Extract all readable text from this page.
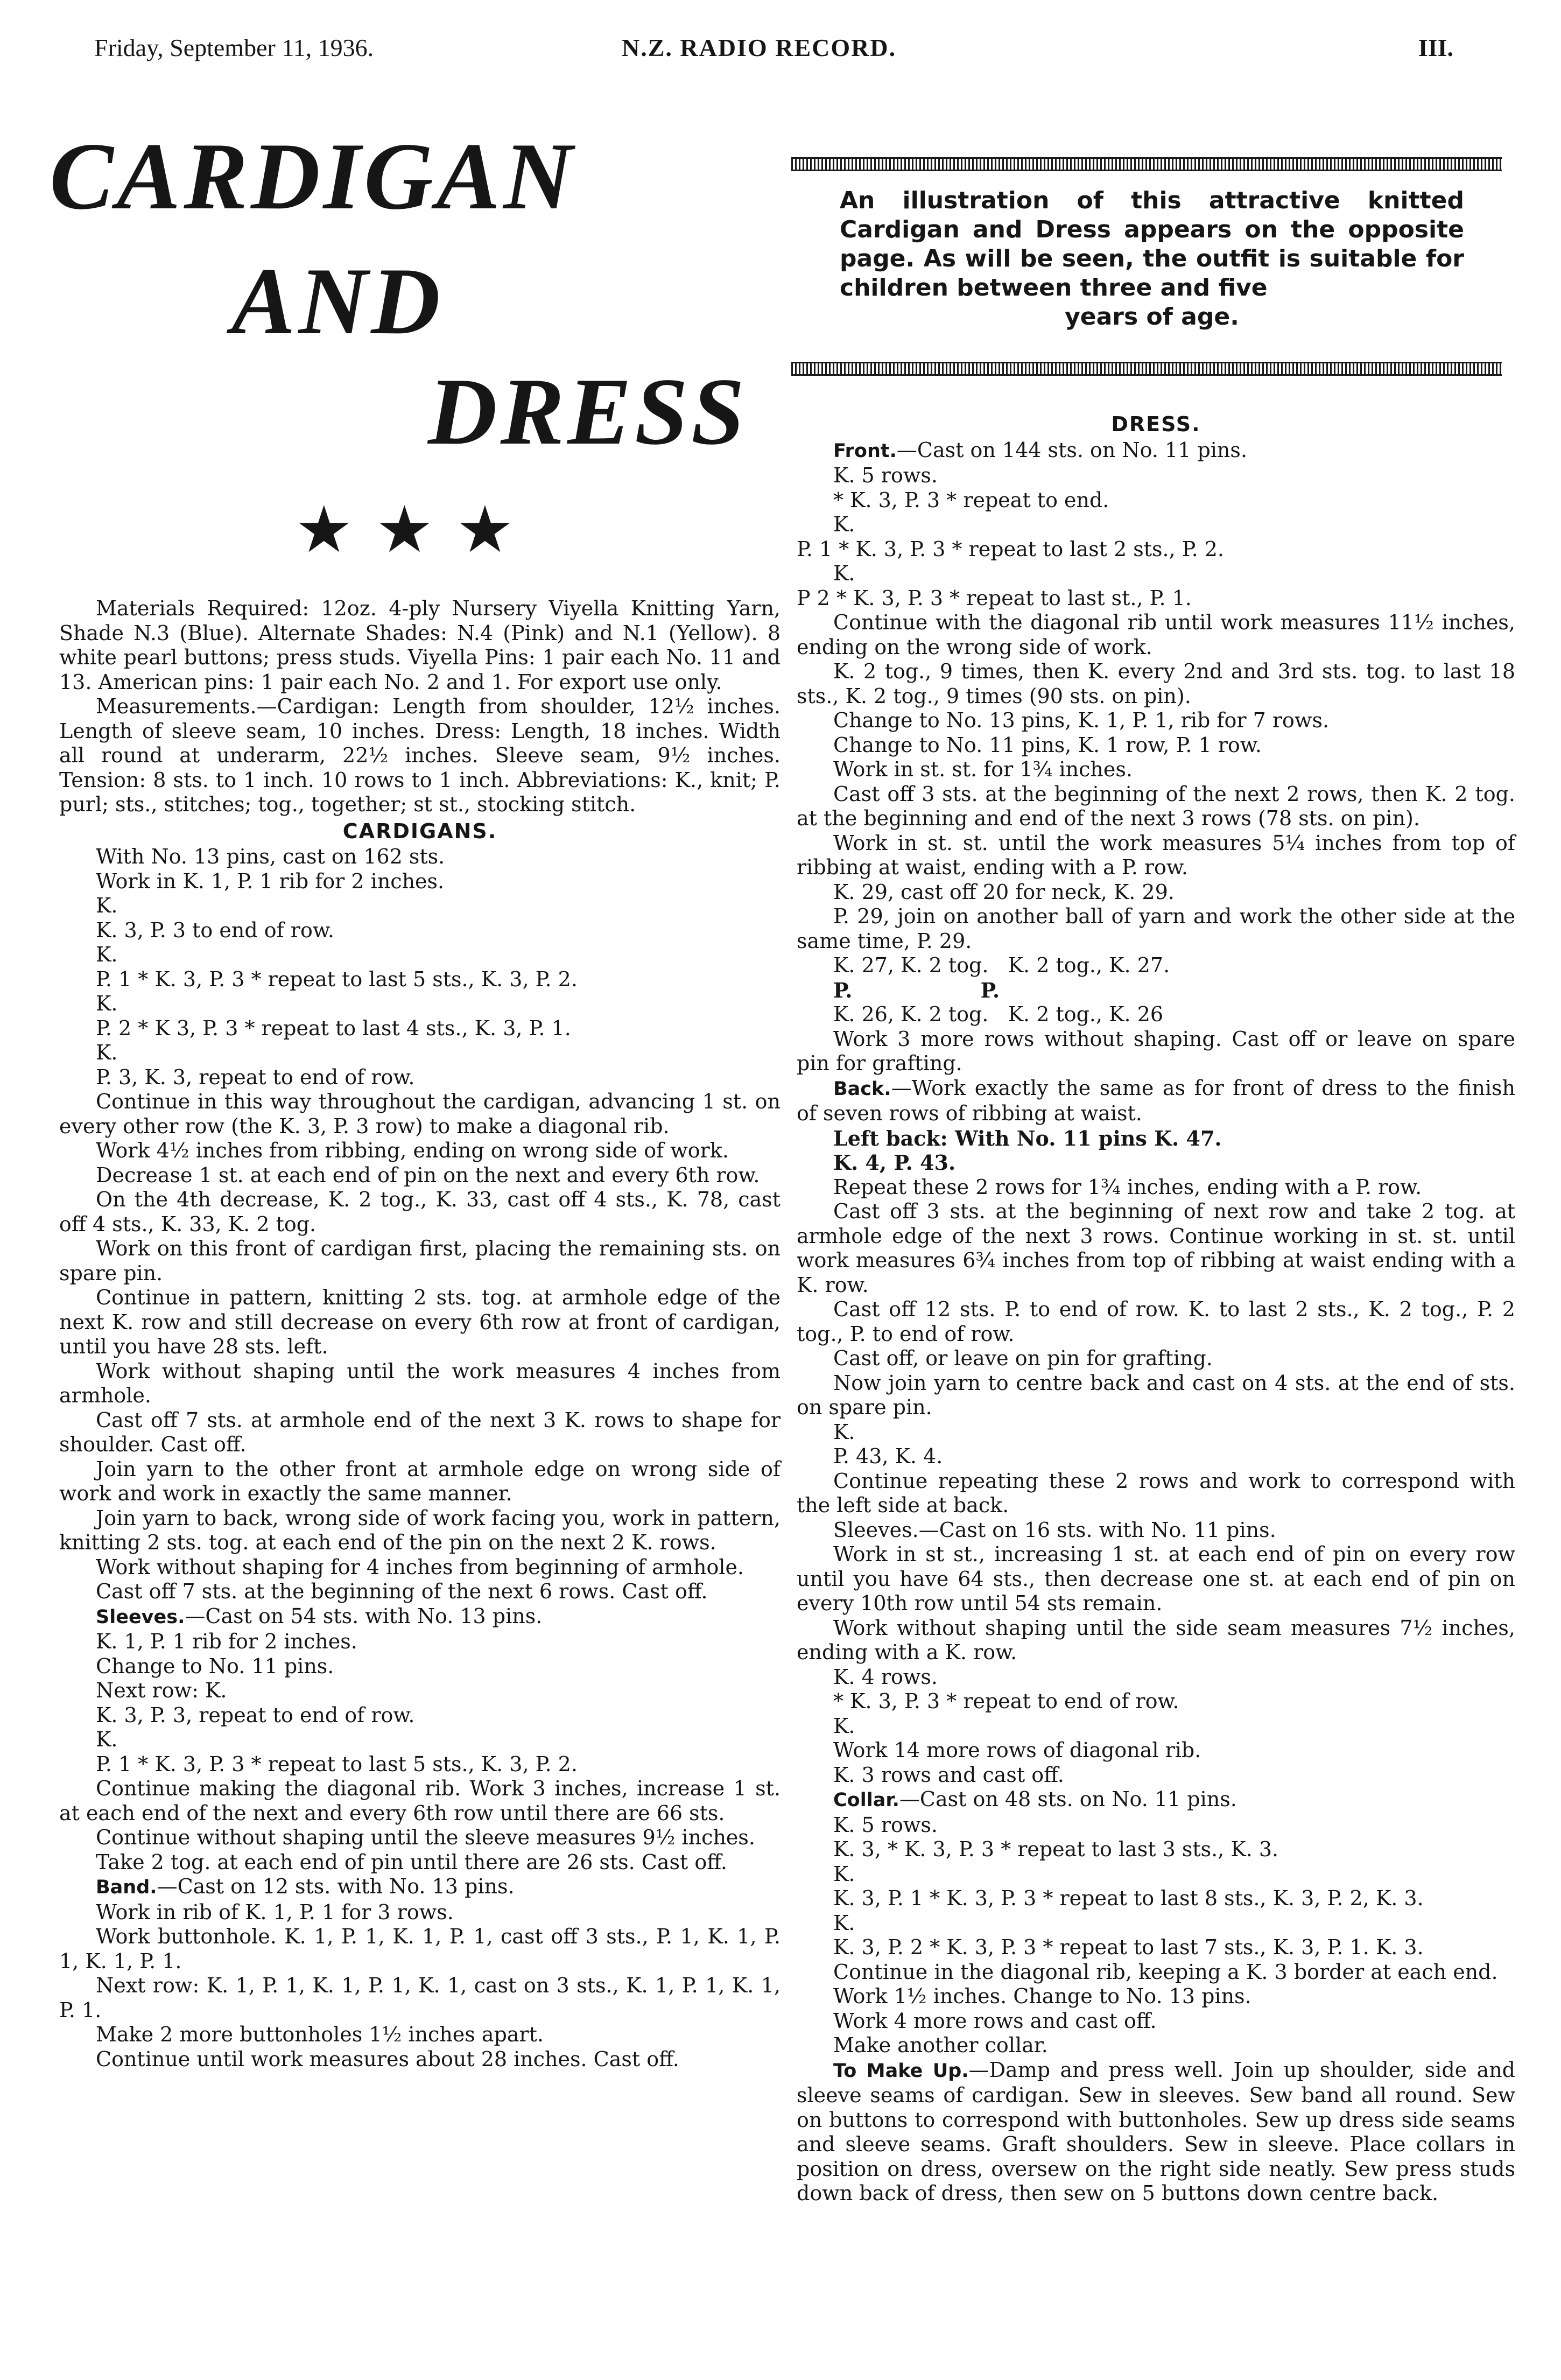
Friday, September 11, 1936.	N.Z. RADIO RECORD.	III.
CARDIGAN
AND
DRESS
★★★
An illustration of this attractive knitted Cardigan and Dress appears on the opposite page. As will be seen, the outfit is suitable for children between three and five
years of age.

Materials Required: 12oz. 4-ply Nursery Viyella Knitting Yarn, Shade N.3 (Blue). Alternate Shades: N.4 (Pink) and N.1 (Yellow). 8 white pearl buttons; press studs. Viyella Pins: 1 pair each No. 11 and 13. American pins: 1 pair each No. 2 and 1. For export use only.

Measurements.—Cardigan: Length from shoulder, 12½ inches. Length of sleeve seam, 10 inches. Dress: Length, 18 inches. Width all round at underarm, 22½ inches. Sleeve seam, 9½ inches. Tension: 8 sts. to 1 inch. 10 rows to 1 inch. Abbreviations: K., knit; P. purl; sts., stitches; tog., together; st st., stocking stitch.

CARDIGANS.

With No. 13 pins, cast on 162 sts.

Work in K. 1, P. 1 rib for 2 inches.

K.

K. 3, P. 3 to end of row.

K.

P. 1 * K. 3, P. 3 * repeat to last 5 sts., K. 3, P. 2.

K.

P. 2 * K 3, P. 3 * repeat to last 4 sts., K. 3, P. 1.

K.

P. 3, K. 3, repeat to end of row.

Continue in this way throughout the cardigan, advancing 1 st. on every other row (the K. 3, P. 3 row) to make a diagonal rib.

Work 4½ inches from ribbing, ending on wrong side of work.

Decrease 1 st. at each end of pin on the next and every 6th row.

On the 4th decrease, K. 2 tog., K. 33, cast off 4 sts., K. 78, cast off 4 sts., K. 33, K. 2 tog.

Work on this front of cardigan first, placing the remaining sts. on spare pin.

Continue in pattern, knitting 2 sts. tog. at armhole edge of the next K. row and still decrease on every 6th row at front of cardigan, until you have 28 sts. left.

Work without shaping until the work measures 4 inches from armhole.

Cast off 7 sts. at armhole end of the next 3 K. rows to shape for shoulder. Cast off.

Join yarn to the other front at armhole edge on wrong side of work and work in exactly the same manner.

Join yarn to back, wrong side of work facing you, work in pattern, knitting 2 sts. tog. at each end of the pin on the next 2 K. rows.

Work without shaping for 4 inches from beginning of armhole.

Cast off 7 sts. at the beginning of the next 6 rows. Cast off.

Sleeves.—Cast on 54 sts. with No. 13 pins.

K. 1, P. 1 rib for 2 inches.

Change to No. 11 pins.

Next row: K.

K. 3, P. 3, repeat to end of row.

K.

P. 1 * K. 3, P. 3 * repeat to last 5 sts., K. 3, P. 2.

Continue making the diagonal rib. Work 3 inches, increase 1 st. at each end of the next and every 6th row until there are 66 sts.

Continue without shaping until the sleeve measures 9½ inches.

Take 2 tog. at each end of pin until there are 26 sts. Cast off.

Band.—Cast on 12 sts. with No. 13 pins.

Work in rib of K. 1, P. 1 for 3 rows.

Work buttonhole. K. 1, P. 1, K. 1, P. 1, cast off 3 sts., P. 1, K. 1, P. 1, K. 1, P. 1.

Next row: K. 1, P. 1, K. 1, P. 1, K. 1, cast on 3 sts., K. 1, P. 1, K. 1, P. 1.

Make 2 more buttonholes 1½ inches apart.

Continue until work measures about 28 inches. Cast off.

DRESS.

Front.—Cast on 144 sts. on No. 11 pins.

K. 5 rows.

* K. 3, P. 3 * repeat to end.

K.

P. 1 * K. 3, P. 3 * repeat to last 2 sts., P. 2.

K.

P 2 * K. 3, P. 3 * repeat to last st., P. 1.

Continue with the diagonal rib until work measures 11½ inches, ending on the wrong side of work.

K. 2 tog., 9 times, then K. every 2nd and 3rd sts. tog. to last 18 sts., K. 2 tog., 9 times (90 sts. on pin).

Change to No. 13 pins, K. 1, P. 1, rib for 7 rows.

Change to No. 11 pins, K. 1 row, P. 1 row.

Work in st. st. for 1¾ inches.

Cast off 3 sts. at the beginning of the next 2 rows, then K. 2 tog. at the beginning and end of the next 3 rows (78 sts. on pin).

Work in st. st. until the work measures 5¼ inches from top of ribbing at waist, ending with a P. row.

K. 29, cast off 20 for neck, K. 29.

P. 29, join on another ball of yarn and work the other side at the same time, P. 29.

K. 27, K. 2 tog.   K. 2 tog., K. 27.

P.                  P.

K. 26, K. 2 tog.   K. 2 tog., K. 26

Work 3 more rows without shaping. Cast off or leave on spare pin for grafting.

Back.—Work exactly the same as for front of dress to the finish of seven rows of ribbing at waist.

Left back: With No. 11 pins K. 47.

K. 4, P. 43.

Repeat these 2 rows for 1¾ inches, ending with a P. row.

Cast off 3 sts. at the beginning of next row and take 2 tog. at armhole edge of the next 3 rows. Continue working in st. st. until work measures 6¾ inches from top of ribbing at waist ending with a K. row.

Cast off 12 sts. P. to end of row. K. to last 2 sts., K. 2 tog., P. 2 tog., P. to end of row.

Cast off, or leave on pin for grafting.

Now join yarn to centre back and cast on 4 sts. at the end of sts. on spare pin.

K.

P. 43, K. 4.

Continue repeating these 2 rows and work to correspond with the left side at back.

Sleeves.—Cast on 16 sts. with No. 11 pins.

Work in st st., increasing 1 st. at each end of pin on every row until you have 64 sts., then decrease one st. at each end of pin on every 10th row until 54 sts remain.

Work without shaping until the side seam measures 7½ inches, ending with a K. row.

K. 4 rows.

* K. 3, P. 3 * repeat to end of row.

K.

Work 14 more rows of diagonal rib.

K. 3 rows and cast off.

Collar.—Cast on 48 sts. on No. 11 pins.

K. 5 rows.

K. 3, * K. 3, P. 3 * repeat to last 3 sts., K. 3.

K.

K. 3, P. 1 * K. 3, P. 3 * repeat to last 8 sts., K. 3, P. 2, K. 3.

K.

K. 3, P. 2 * K. 3, P. 3 * repeat to last 7 sts., K. 3, P. 1. K. 3.

Continue in the diagonal rib, keeping a K. 3 border at each end.

Work 1½ inches. Change to No. 13 pins.

Work 4 more rows and cast off.

Make another collar.

To Make Up.—Damp and press well. Join up shoulder, side and sleeve seams of cardigan. Sew in sleeves. Sew band all round. Sew on buttons to correspond with buttonholes. Sew up dress side seams and sleeve seams. Graft shoulders. Sew in sleeve. Place collars in position on dress, oversew on the right side neatly. Sew press studs down back of dress, then sew on 5 buttons down centre back.
